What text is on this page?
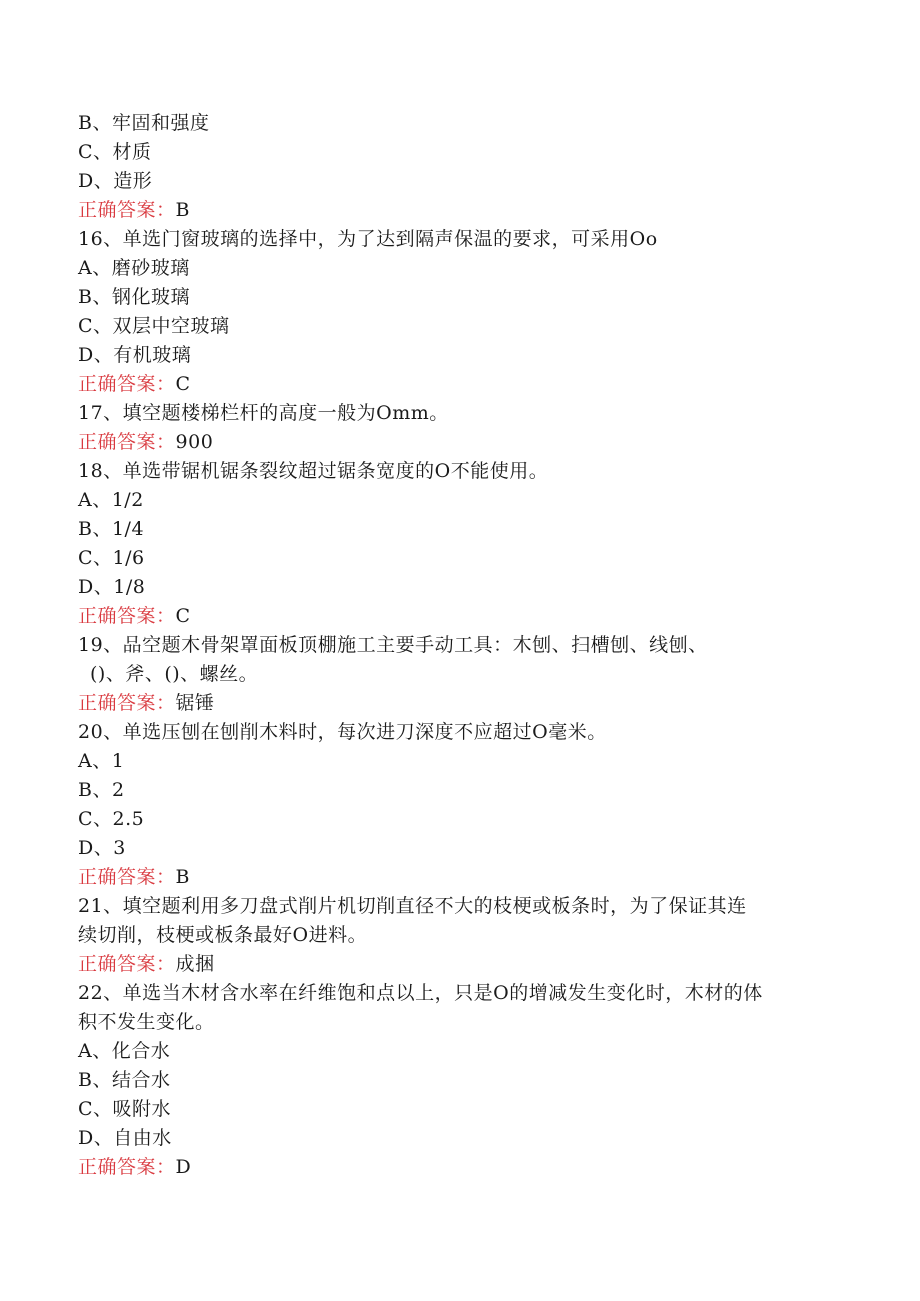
B、牢固和强度
C、材质
D、造形
正确答案：B
16、单选门窗玻璃的选择中，为了达到隔声保温的要求，可采用Oo
A、磨砂玻璃
B、钢化玻璃
C、双层中空玻璃
D、有机玻璃
正确答案：C
17、填空题楼梯栏杆的高度一般为Omm。
正确答案：900
18、单选带锯机锯条裂纹超过锯条宽度的O不能使用。
A、1/2
B、1/4
C、1/6
D、1/8
正确答案：C
19、品空题木骨架罩面板顶棚施工主要手动工具：木刨、扫槽刨、线刨、
()、斧、()、螺丝。
正确答案：锯锤
20、单选压刨在刨削木料时，每次进刀深度不应超过O毫米。
A、1
B、2
C、2.5
D、3
正确答案：B
21、填空题利用多刀盘式削片机切削直径不大的枝梗或板条时，为了保证其连
续切削，枝梗或板条最好O进料。
正确答案：成捆
22、单选当木材含水率在纤维饱和点以上，只是O的增减发生变化时，木材的体
积不发生变化。
A、化合水
B、结合水
C、吸附水
D、自由水
正确答案：D
